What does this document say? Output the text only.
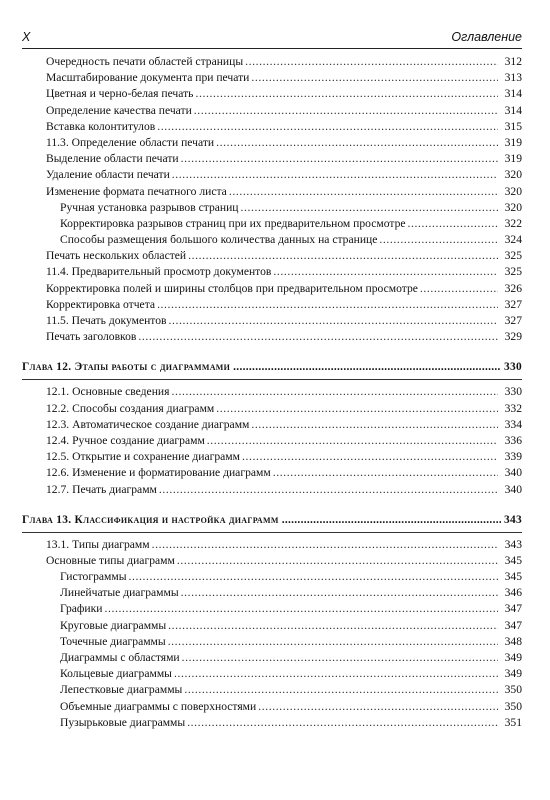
X	Оглавление
Очередность печати областей страницы .....	312
Масштабирование документа при печати .....	313
Цветная и черно-белая печать .....	314
Определение качества печати .....	314
Вставка колонтитулов .....	315
11.3. Определение области печати .....	319
Выделение области печати .....	319
Удаление области печати .....	320
Изменение формата печатного листа .....	320
Ручная установка разрывов страниц .....	320
Корректировка разрывов страниц при их предварительном просмотре .....	322
Способы размещения большого количества данных на странице .....	324
Печать нескольких областей .....	325
11.4. Предварительный просмотр документов .....	325
Корректировка полей и ширины столбцов при предварительном просмотре .....	326
Корректировка отчета .....	327
11.5. Печать документов .....	327
Печать заголовков .....	329
Глава 12. Этапы работы с диаграммами .....	330
12.1. Основные сведения .....	330
12.2. Способы создания диаграмм .....	332
12.3. Автоматическое создание диаграмм .....	334
12.4. Ручное создание диаграмм .....	336
12.5. Открытие и сохранение диаграмм .....	339
12.6. Изменение и форматирование диаграмм .....	340
12.7. Печать диаграмм .....	340
Глава 13. Классификация и настройка диаграмм .....	343
13.1. Типы диаграмм .....	343
Основные типы диаграмм .....	345
Гистограммы .....	345
Линейчатые диаграммы .....	346
Графики .....	347
Круговые диаграммы .....	347
Точечные диаграммы .....	348
Диаграммы с областями .....	349
Кольцевые диаграммы .....	349
Лепестковые диаграммы .....	350
Объемные диаграммы с поверхностями .....	350
Пузырьковые диаграммы .....	351
